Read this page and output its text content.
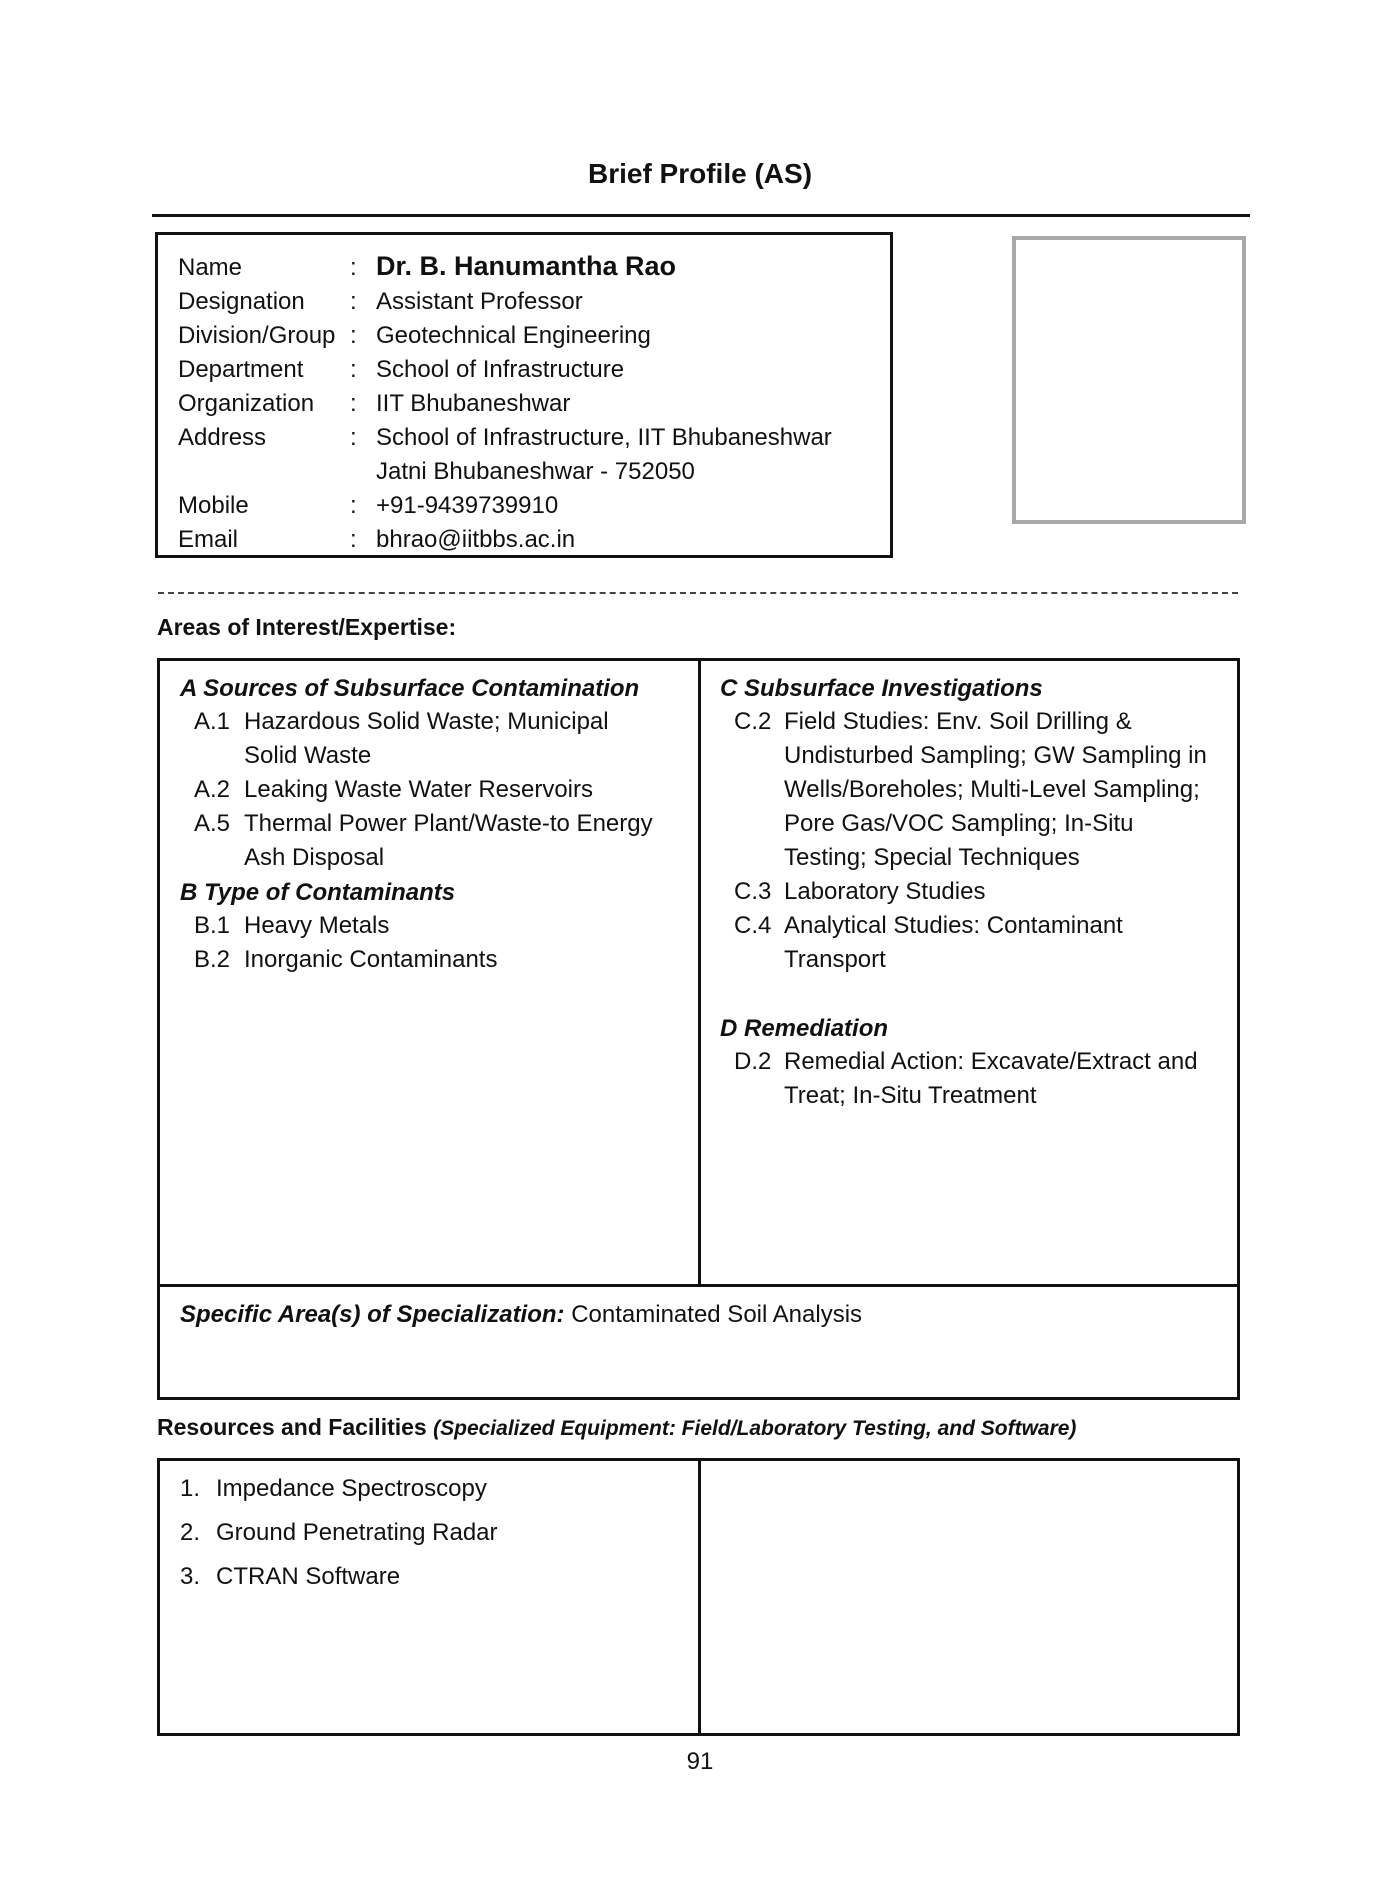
Brief Profile (AS)
Name	: Dr. B. Hanumantha Rao
Designation : Assistant Professor
Division/Group : Geotechnical Engineering
Department : School of Infrastructure
Organization : IIT Bhubaneshwar
Address	: School of Infrastructure, IIT Bhubaneshwar
Jatni Bhubaneshwar - 752050
Mobile	: +91-9439739910
Email	: bhrao@iitbbs.ac.in
Areas of Interest/Expertise:
A Sources of Subsurface Contamination
A.1 Hazardous Solid Waste; Municipal
Solid Waste
A.2 Leaking Waste Water Reservoirs
A.5 Thermal Power Plant/Waste-to Energy
Ash Disposal
B Type of Contaminants
B.1 Heavy Metals
B.2 Inorganic Contaminants
C Subsurface Investigations
C.2 Field Studies: Env. Soil Drilling &
Undisturbed Sampling; GW Sampling in
Wells/Boreholes; Multi-Level Sampling;
Pore Gas/VOC Sampling; In-Situ
Testing; Special Techniques
C.3 Laboratory Studies
C.4 Analytical Studies: Contaminant
Transport
D Remediation
D.2 Remedial Action: Excavate/Extract and
Treat; In-Situ Treatment
Specific Area(s) of Specialization: Contaminated Soil Analysis
Resources and Facilities (Specialized Equipment: Field/Laboratory Testing, and Software)
1. Impedance Spectroscopy
2. Ground Penetrating Radar
3. CTRAN Software
91
